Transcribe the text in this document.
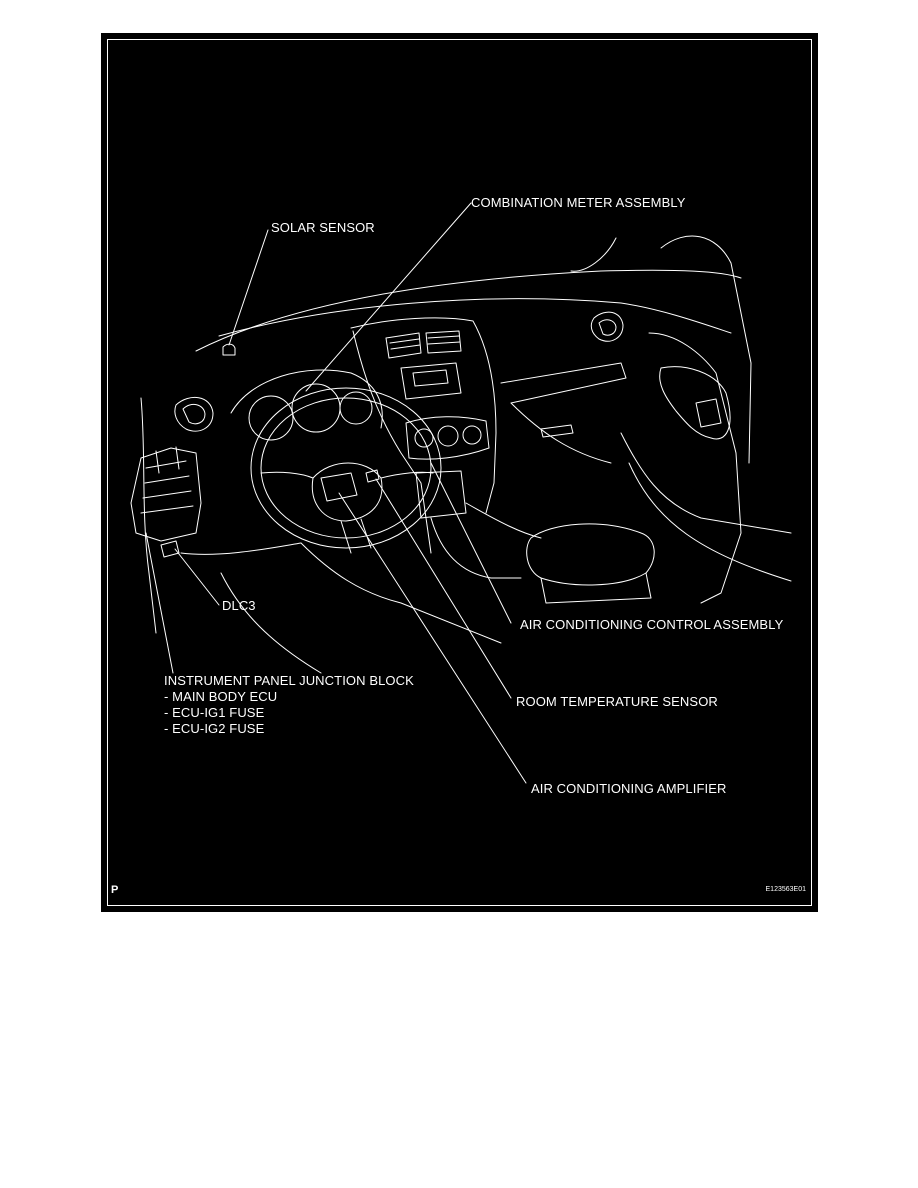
COMBINATION METER ASSEMBLY
SOLAR SENSOR
DLC3
AIR CONDITIONING CONTROL ASSEMBLY
INSTRUMENT PANEL JUNCTION BLOCK
- MAIN BODY ECU
- ECU-IG1 FUSE
- ECU-IG2 FUSE
ROOM TEMPERATURE SENSOR
AIR CONDITIONING AMPLIFIER
P	E123563E01
